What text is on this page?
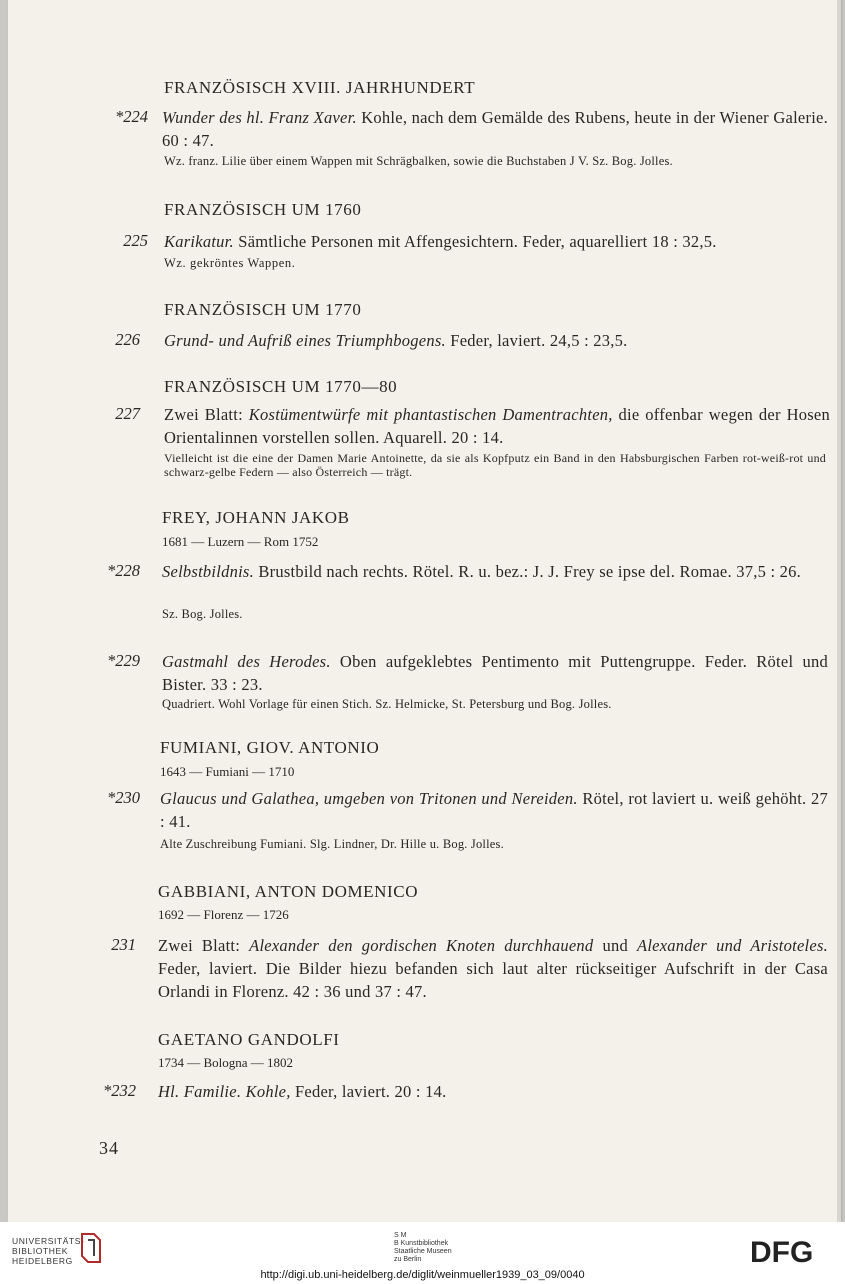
FRANZÖSISCH XVIII. JAHRHUNDERT
*224 Wunder des hl. Franz Xaver. Kohle, nach dem Gemälde des Rubens, heute in der Wiener Galerie. 60 : 47.
Wz. franz. Lilie über einem Wappen mit Schrägbalken, sowie die Buchstaben J V. Sz. Bog. Jolles.
FRANZÖSISCH UM 1760
225 Karikatur. Sämtliche Personen mit Affengesichtern. Feder, aquarelliert 18 : 32,5.
Wz. gekröntes Wappen.
FRANZÖSISCH UM 1770
226 Grund- und Aufriß eines Triumphbogens. Feder, laviert. 24,5 : 23,5.
FRANZÖSISCH UM 1770—80
227 Zwei Blatt: Kostümentwürfe mit phantastischen Damentrachten, die offenbar wegen der Hosen Orientalinnen vorstellen sollen. Aquarell. 20 : 14.
Vielleicht ist die eine der Damen Marie Antoinette, da sie als Kopfputz ein Band in den Habsburgischen Farben rot-weiß-rot und schwarz-gelbe Federn — also Österreich — trägt.
FREY, JOHANN JAKOB
1681 — Luzern — Rom 1752
*228 Selbstbildnis. Brustbild nach rechts. Rötel. R. u. bez.: J. J. Frey se ipse del. Romae. 37,5 : 26.
Sz. Bog. Jolles.
*229 Gastmahl des Herodes. Oben aufgeklebtes Pentimento mit Puttengruppe. Feder. Rötel und Bister. 33 : 23.
Quadriert. Wohl Vorlage für einen Stich. Sz. Helmicke, St. Petersburg und Bog. Jolles.
FUMIANI, GIOV. ANTONIO
1643 — Fumiani — 1710
*230 Glaucus und Galathea, umgeben von Tritonen und Nereiden. Rötel, rot laviert u. weiß gehöht. 27 : 41.
Alte Zuschreibung Fumiani. Slg. Lindner, Dr. Hille u. Bog. Jolles.
GABBIANI, ANTON DOMENICO
1692 — Florenz — 1726
231 Zwei Blatt: Alexander den gordischen Knoten durchhauend und Alexander und Aristoteles. Feder, laviert. Die Bilder hiezu befanden sich laut alter rückseitiger Aufschrift in der Casa Orlandi in Florenz. 42 : 36 und 37 : 47.
GAETANO GANDOLFI
1734 — Bologna — 1802
*232 Hl. Familie. Kohle, Feder, laviert. 20 : 14.
34
UNIVERSITÄTS-
BIBLIOTHEK
HEIDELBERG
S M
B Kunstbibliothek
Staatliche Museen
zu Berlin	DFG
http://digi.ub.uni-heidelberg.de/diglit/weinmueller1939_03_09/0040
